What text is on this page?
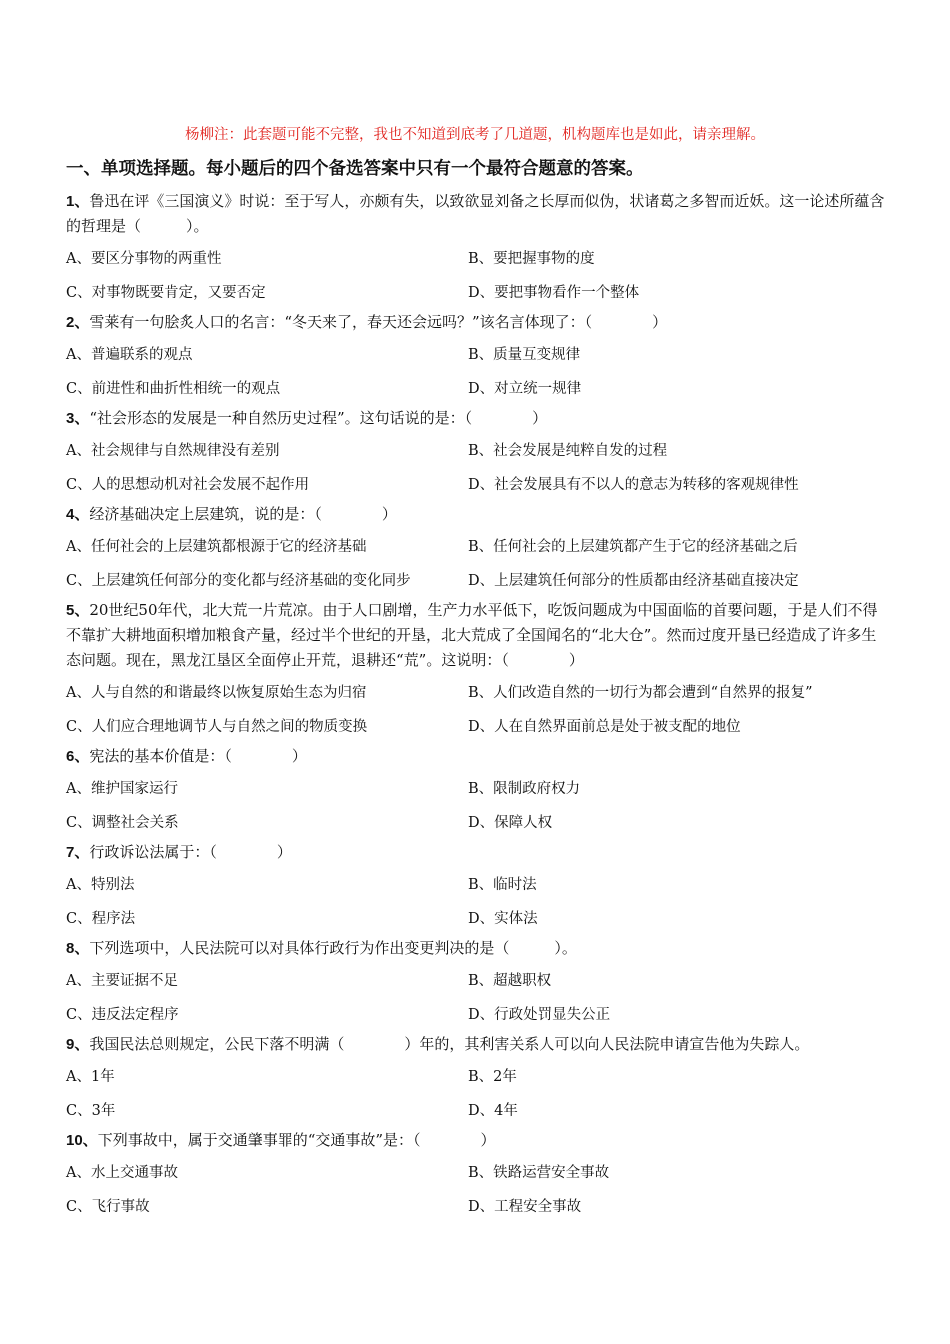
杨柳注：此套题可能不完整，我也不知道到底考了几道题，机构题库也是如此，请亲理解。
一、单项选择题。每小题后的四个备选答案中只有一个最符合题意的答案。
1、鲁迅在评《三国演义》时说：至于写人，亦颇有失，以致欲显刘备之长厚而似伪，状诸葛之多智而近妖。这一论述所蕴含的哲理是（　　　）。
A、要区分事物的两重性	B、要把握事物的度
C、对事物既要肯定，又要否定	D、要把事物看作一个整体
2、雪莱有一句脍炙人口的名言：“冬天来了，春天还会远吗？”该名言体现了：（　　　　）
A、普遍联系的观点	B、质量互变规律
C、前进性和曲折性相统一的观点	D、对立统一规律
3、“社会形态的发展是一种自然历史过程”。这句话说的是：（　　　　）
A、社会规律与自然规律没有差别	B、社会发展是纯粹自发的过程
C、人的思想动机对社会发展不起作用	D、社会发展具有不以人的意志为转移的客观规律性
4、经济基础决定上层建筑，说的是：（　　　　）
A、任何社会的上层建筑都根源于它的经济基础	B、任何社会的上层建筑都产生于它的经济基础之后
C、上层建筑任何部分的变化都与经济基础的变化同步	D、上层建筑任何部分的性质都由经济基础直接决定
5、20世纪50年代，北大荒一片荒凉。由于人口剧增，生产力水平低下，吃饭问题成为中国面临的首要问题，于是人们不得不靠扩大耕地面积增加粮食产量，经过半个世纪的开垦，北大荒成了全国闻名的“北大仓”。然而过度开垦已经造成了许多生态问题。现在，黑龙江垦区全面停止开荒，退耕还“荒”。这说明：（　　　　）
A、人与自然的和谐最终以恢复原始生态为归宿	B、人们改造自然的一切行为都会遭到“自然界的报复”
C、人们应合理地调节人与自然之间的物质变换	D、人在自然界面前总是处于被支配的地位
6、宪法的基本价值是：（　　　　）
A、维护国家运行	B、限制政府权力
C、调整社会关系	D、保障人权
7、行政诉讼法属于：（　　　　）
A、特别法	B、临时法
C、程序法	D、实体法
8、下列选项中，人民法院可以对具体行政行为作出变更判决的是（　　　）。
A、主要证据不足	B、超越职权
C、违反法定程序	D、行政处罚显失公正
9、我国民法总则规定，公民下落不明满（　　　　）年的，其利害关系人可以向人民法院申请宣告他为失踪人。
A、1年	B、2年
C、3年	D、4年
10、下列事故中，属于交通肇事罪的“交通事故”是：（　　　　）
A、水上交通事故	B、铁路运营安全事故
C、飞行事故	D、工程安全事故
